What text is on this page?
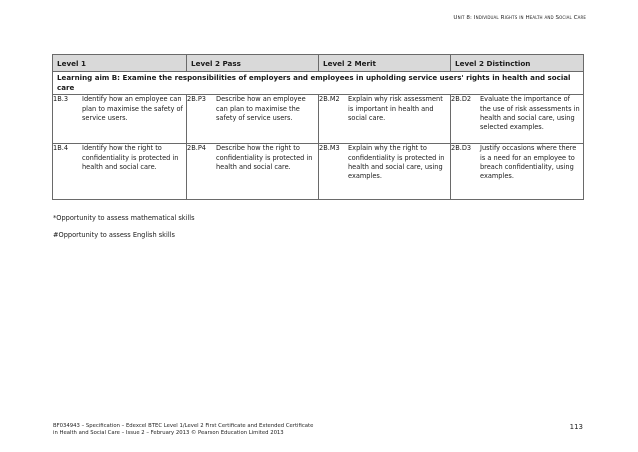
Unit 8: Individual Rights in Health and Social Care
Level 1	Level 2 Pass	Level 2 Merit	Level 2 Distinction
Learning aim B: Examine the responsibilities of employers and employees in upholding service users' rights in health and social care			
1B.3 Identify how an employee can plan to maximise the safety of service users.	2B.P3 Describe how an employee can plan to maximise the safety of service users.	2B.M2 Explain why risk assessment is important in health and social care.	2B.D2 Evaluate the importance of the use of risk assessments in health and social care, using selected examples.
1B.4 Identify how the right to confidentiality is protected in health and social care.	2B.P4 Describe how the right to confidentiality is protected in health and social care.	2B.M3 Explain why the right to confidentiality is protected in health and social care, using examples.	2B.D3 Justify occasions where there is a need for an employee to breach confidentiality, using examples.
*Opportunity to assess mathematical skills
#Opportunity to assess English skills
BF034943 – Specification – Edexcel BTEC Level 1/Level 2 First Certificate and Extended Certificate
in Health and Social Care – Issue 2 – February 2013 © Pearson Education Limited 2013
113
